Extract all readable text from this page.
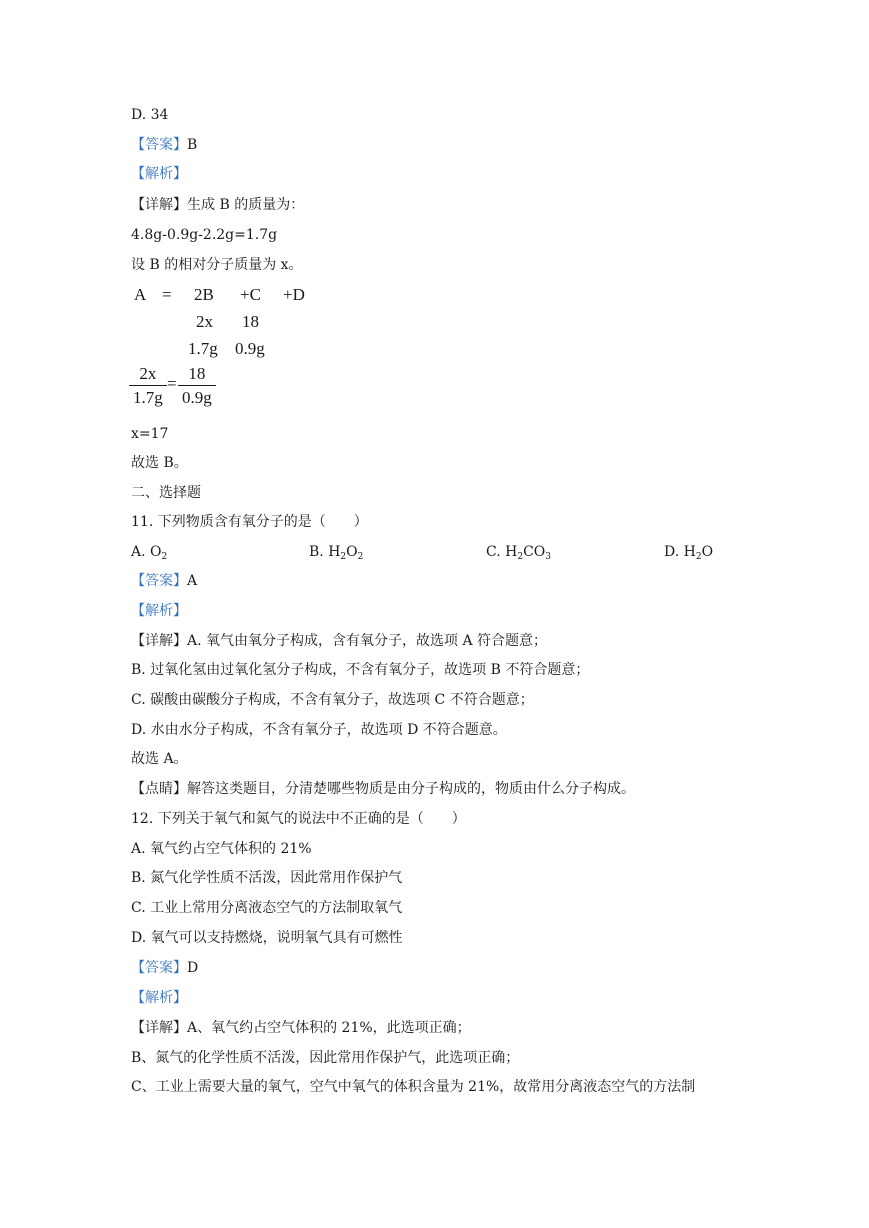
D. 34
【答案】B
【解析】
【详解】生成 B 的质量为：
4.8g-0.9g-2.2g=1.7g
设 B 的相对分子质量为 x。
A = 2B +C +D
2x 18
1.7g 0.9g
$\frac{2x}{1.7g} = \frac{18}{0.9g}$
x=17
故选 B。
二、选择题
11. 下列物质含有氧分子的是（　　）
A. $O_2$	B. $H_2O_2$	C. $H_2CO_3$	D. $H_2O$
【答案】A
【解析】
【详解】A. 氧气由氧分子构成，含有氧分子，故选项 A 符合题意；
B. 过氧化氢由过氧化氢分子构成，不含有氧分子，故选项 B 不符合题意；
C. 碳酸由碳酸分子构成，不含有氧分子，故选项 C 不符合题意；
D. 水由水分子构成，不含有氧分子，故选项 D 不符合题意。
故选 A。
【点睛】解答这类题目，分清楚哪些物质是由分子构成的，物质由什么分子构成。
12. 下列关于氧气和氮气的说法中不正确的是（　　）
A. 氧气约占空气体积的 21%
B. 氮气化学性质不活泼，因此常用作保护气
C. 工业上常用分离液态空气的方法制取氧气
D. 氧气可以支持燃烧，说明氧气具有可燃性
【答案】D
【解析】
【详解】A、氧气约占空气体积的 21%，此选项正确；
B、氮气的化学性质不活泼，因此常用作保护气，此选项正确；
C、工业上需要大量的氧气，空气中氧气的体积含量为 21%，故常用分离液态空气的方法制
